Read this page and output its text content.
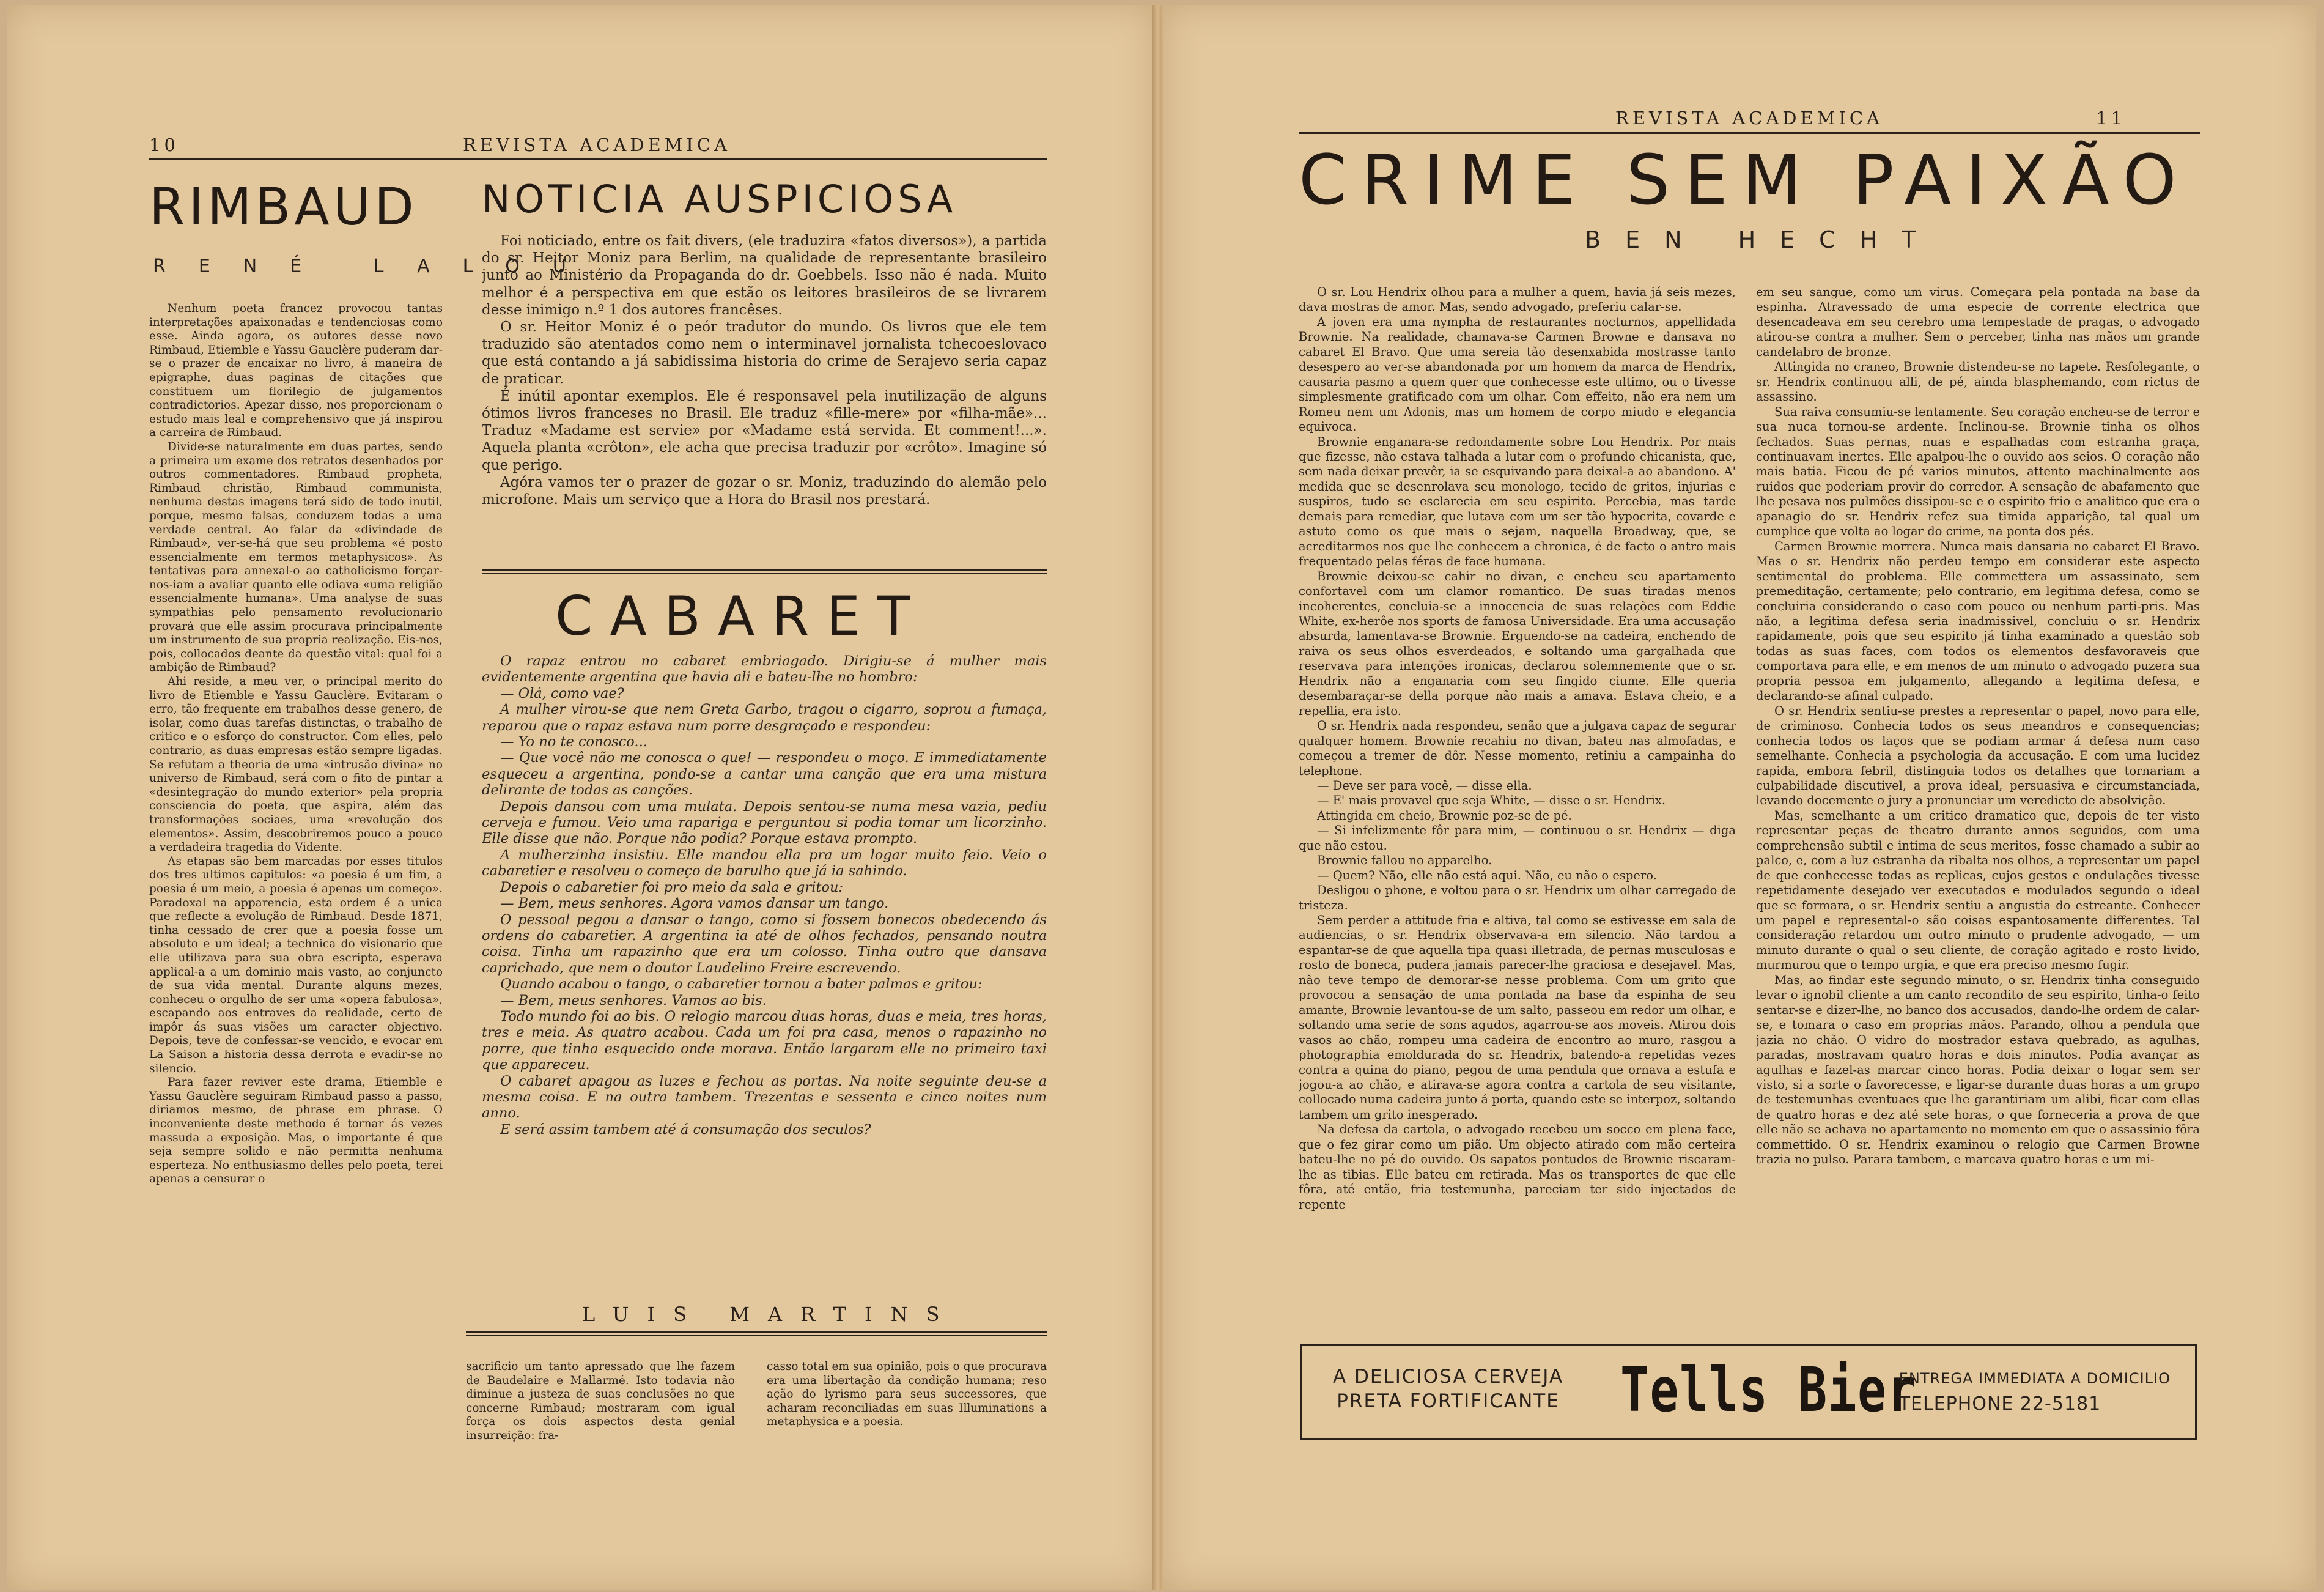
10	REVISTA ACADEMICA
RIMBAUD
RENÉ LALOU

Nenhum poeta francez provocou tantas interpretações apaixonadas e tendenciosas como esse. Ainda agora, os autores desse novo Rimbaud, Etiemble e Yassu Gauclère puderam dar-se o prazer de encaixar no livro, á maneira de epigraphe, duas paginas de citações que constituem um florilegio de julgamentos contradictorios. Apezar disso, nos proporcionam o estudo mais leal e comprehensivo que já inspirou a carreira de Rimbaud.

Divide-se naturalmente em duas partes, sendo a primeira um exame dos retratos desenhados por outros commentadores. Rimbaud propheta, Rimbaud christão, Rimbaud communista, nenhuma destas imagens terá sido de todo inutil, porque, mesmo falsas, conduzem todas a uma verdade central. Ao falar da «divindade de Rimbaud», ver-se-há que seu problema «é posto essencialmente em termos metaphysicos». As tentativas para annexal-o ao catholicismo forçar-nos-iam a avaliar quanto elle odiava «uma religião essencialmente humana». Uma analyse de suas sympathias pelo pensamento revolucionario provará que elle assim procurava principalmente um instrumento de sua propria realização. Eis-nos, pois, collocados deante da questão vital: qual foi a ambição de Rimbaud?

Ahi reside, a meu ver, o principal merito do livro de Etiemble e Yassu Gauclère. Evitaram o erro, tão frequente em trabalhos desse genero, de isolar, como duas tarefas distinctas, o trabalho de critico e o esforço do constructor. Com elles, pelo contrario, as duas empresas estão sempre ligadas. Se refutam a theoria de uma «intrusão divina» no universo de Rimbaud, será com o fito de pintar a «desintegração do mundo exterior» pela propria consciencia do poeta, que aspira, além das transformações sociaes, uma «revolução dos elementos». Assim, descobriremos pouco a pouco a verdadeira tragedia do Vidente.

As etapas são bem marcadas por esses titulos dos tres ultimos capitulos: «a poesia é um fim, a poesia é um meio, a poesia é apenas um começo». Paradoxal na apparencia, esta ordem é a unica que reflecte a evolução de Rimbaud. Desde 1871, tinha cessado de crer que a poesia fosse um absoluto e um ideal; a technica do visionario que elle utilizava para sua obra escripta, esperava applical-a a um dominio mais vasto, ao conjuncto de sua vida mental. Durante alguns mezes, conheceu o orgulho de ser uma «opera fabulosa», escapando aos entraves da realidade, certo de impôr ás suas visões um caracter objectivo. Depois, teve de confessar-se vencido, e evocar em La Saison a historia dessa derrota e evadir-se no silencio.

Para fazer reviver este drama, Etiemble e Yassu Gauclère seguiram Rimbaud passo a passo, diriamos mesmo, de phrase em phrase. O inconveniente deste methodo é tornar ás vezes massuda a exposição. Mas, o importante é que seja sempre solido e não permitta nenhuma esperteza. No enthusiasmo delles pelo poeta, terei apenas a censurar o

NOTICIA AUSPICIOSA

Foi noticiado, entre os fait divers, (ele traduzira «fatos diversos»), a partida do sr. Heitor Moniz para Berlim, na qualidade de representante brasileiro junto ao Ministério da Propaganda do dr. Goebbels. Isso não é nada. Muito melhor é a perspectiva em que estão os leitores brasileiros de se livrarem desse inimigo n.º 1 dos autores francêses.

O sr. Heitor Moniz é o peór tradutor do mundo. Os livros que ele tem traduzido são atentados como nem o interminavel jornalista tchecoeslovaco que está contando a já sabidissima historia do crime de Serajevo seria capaz de praticar.

É inútil apontar exemplos. Ele é responsavel pela inutilização de alguns ótimos livros franceses no Brasil. Ele traduz «fille-mere» por «filha-mãe»... Traduz «Madame est servie» por «Madame está servida. Et comment!...». Aquela planta «crôton», ele acha que precisa traduzir por «crôto». Imagine só que perigo.

Agóra vamos ter o prazer de gozar o sr. Moniz, traduzindo do alemão pelo microfone. Mais um serviço que a Hora do Brasil nos prestará.

CABARET

O rapaz entrou no cabaret embriagado. Dirigiu-se á mulher mais evidentemente argentina que havia ali e bateu-lhe no hombro:

— Olá, como vae?

A mulher virou-se que nem Greta Garbo, tragou o cigarro, soprou a fumaça, reparou que o rapaz estava num porre desgraçado e respondeu:

— Yo no te conosco...

— Que você não me conosca o que! — respondeu o moço. E immediatamente esqueceu a argentina, pondo-se a cantar uma canção que era uma mistura delirante de todas as canções.

Depois dansou com uma mulata. Depois sentou-se numa mesa vazia, pediu cerveja e fumou. Veio uma rapariga e perguntou si podia tomar um licorzinho. Elle disse que não. Porque não podia? Porque estava prompto.

A mulherzinha insistiu. Elle mandou ella pra um logar muito feio. Veio o cabaretier e resolveu o começo de barulho que já ia sahindo.

Depois o cabaretier foi pro meio da sala e gritou:

— Bem, meus senhores. Agora vamos dansar um tango.

O pessoal pegou a dansar o tango, como si fossem bonecos obedecendo ás ordens do cabaretier. A argentina ia até de olhos fechados, pensando noutra coisa. Tinha um rapazinho que era um colosso. Tinha outro que dansava caprichado, que nem o doutor Laudelino Freire escrevendo.

Quando acabou o tango, o cabaretier tornou a bater palmas e gritou:

— Bem, meus senhores. Vamos ao bis.

Todo mundo foi ao bis. O relogio marcou duas horas, duas e meia, tres horas, tres e meia. As quatro acabou. Cada um foi pra casa, menos o rapazinho no porre, que tinha esquecido onde morava. Então largaram elle no primeiro taxi que appareceu.

O cabaret apagou as luzes e fechou as portas. Na noite seguinte deu-se a mesma coisa. E na outra tambem. Trezentas e sessenta e cinco noites num anno.

E será assim tambem até á consumação dos seculos?

LUIS MARTINS

sacrificio um tanto apressado que lhe fazem de Baudelaire e Mallarmé. Isto todavia não diminue a justeza de suas conclusões no que concerne Rimbaud; mostraram com igual força os dois aspectos desta genial insurreição: fra-

casso total em sua opinião, pois o que procurava era uma libertação da condição humana; reso ação do lyrismo para seus successores, que acharam reconciliadas em suas Illuminations a metaphysica e a poesia.

REVISTA ACADEMICA	11
CRIME SEM PAIXÃO
BEN HECHT

O sr. Lou Hendrix olhou para a mulher a quem, havia já seis mezes, dava mostras de amor. Mas, sendo advogado, preferiu calar-se.

A joven era uma nympha de restaurantes nocturnos, appellidada Brownie. Na realidade, chamava-se Carmen Browne e dansava no cabaret El Bravo. Que uma sereia tão desenxabida mostrasse tanto desespero ao ver-se abandonada por um homem da marca de Hendrix, causaria pasmo a quem quer que conhecesse este ultimo, ou o tivesse simplesmente gratificado com um olhar. Com effeito, não era nem um Romeu nem um Adonis, mas um homem de corpo miudo e elegancia equivoca.

Brownie enganara-se redondamente sobre Lou Hendrix. Por mais que fizesse, não estava talhada a lutar com o profundo chicanista, que, sem nada deixar prevêr, ia se esquivando para deixal-a ao abandono. A' medida que se desenrolava seu monologo, tecido de gritos, injurias e suspiros, tudo se esclarecia em seu espirito. Percebia, mas tarde demais para remediar, que lutava com um ser tão hypocrita, covarde e astuto como os que mais o sejam, naquella Broadway, que, se acreditarmos nos que lhe conhecem a chronica, é de facto o antro mais frequentado pelas féras de face humana.

Brownie deixou-se cahir no divan, e encheu seu apartamento confortavel com um clamor romantico. De suas tiradas menos incoherentes, concluia-se a innocencia de suas relações com Eddie White, ex-herôe nos sports de famosa Universidade. Era uma accusação absurda, lamentava-se Brownie. Erguendo-se na cadeira, enchendo de raiva os seus olhos esverdeados, e soltando uma gargalhada que reservava para intenções ironicas, declarou solemnemente que o sr. Hendrix não a enganaria com seu fingido ciume. Elle queria desembaraçar-se della porque não mais a amava. Estava cheio, e a repellia, era isto.

O sr. Hendrix nada respondeu, senão que a julgava capaz de segurar qualquer homem. Brownie recahiu no divan, bateu nas almofadas, e começou a tremer de dôr. Nesse momento, retiniu a campainha do telephone.

— Deve ser para você, — disse ella.

— E' mais provavel que seja White, — disse o sr. Hendrix.

Attingida em cheio, Brownie poz-se de pé.

— Si infelizmente fôr para mim, — continuou o sr. Hendrix — diga que não estou.

Brownie fallou no apparelho.

— Quem? Não, elle não está aqui. Não, eu não o espero.

Desligou o phone, e voltou para o sr. Hendrix um olhar carregado de tristeza.

Sem perder a attitude fria e altiva, tal como se estivesse em sala de audiencias, o sr. Hendrix observava-a em silencio. Não tardou a espantar-se de que aquella tipa quasi illetrada, de pernas musculosas e rosto de boneca, pudera jamais parecer-lhe graciosa e desejavel. Mas, não teve tempo de demorar-se nesse problema. Com um grito que provocou a sensação de uma pontada na base da espinha de seu amante, Brownie levantou-se de um salto, passeou em redor um olhar, e soltando uma serie de sons agudos, agarrou-se aos moveis. Atirou dois vasos ao chão, rompeu uma cadeira de encontro ao muro, rasgou a photographia emoldurada do sr. Hendrix, batendo-a repetidas vezes contra a quina do piano, pegou de uma pendula que ornava a estufa e jogou-a ao chão, e atirava-se agora contra a cartola de seu visitante, collocado numa cadeira junto á porta, quando este se interpoz, soltando tambem um grito inesperado.

Na defesa da cartola, o advogado recebeu um socco em plena face, que o fez girar como um pião. Um objecto atirado com mão certeira bateu-lhe no pé do ouvido. Os sapatos pontudos de Brownie riscaram-lhe as tibias. Elle bateu em retirada. Mas os transportes de que elle fôra, até então, fria testemunha, pareciam ter sido injectados de repente

em seu sangue, como um virus. Começara pela pontada na base da espinha. Atravessado de uma especie de corrente electrica que desencadeava em seu cerebro uma tempestade de pragas, o advogado atirou-se contra a mulher. Sem o perceber, tinha nas mãos um grande candelabro de bronze.

Attingida no craneo, Brownie distendeu-se no tapete. Resfolegante, o sr. Hendrix continuou alli, de pé, ainda blasphemando, com rictus de assassino.

Sua raiva consumiu-se lentamente. Seu coração encheu-se de terror e sua nuca tornou-se ardente. Inclinou-se. Brownie tinha os olhos fechados. Suas pernas, nuas e espalhadas com estranha graça, continuavam inertes. Elle apalpou-lhe o ouvido aos seios. O coração não mais batia. Ficou de pé varios minutos, attento machinalmente aos ruidos que poderiam provir do corredor. A sensação de abafamento que lhe pesava nos pulmões dissipou-se e o espirito frio e analitico que era o apanagio do sr. Hendrix refez sua timida apparição, tal qual um cumplice que volta ao logar do crime, na ponta dos pés.

Carmen Brownie morrera. Nunca mais dansaria no cabaret El Bravo. Mas o sr. Hendrix não perdeu tempo em considerar este aspecto sentimental do problema. Elle commettera um assassinato, sem premeditação, certamente; pelo contrario, em legitima defesa, como se concluiria considerando o caso com pouco ou nenhum parti-pris. Mas não, a legitima defesa seria inadmissivel, concluiu o sr. Hendrix rapidamente, pois que seu espirito já tinha examinado a questão sob todas as suas faces, com todos os elementos desfavoraveis que comportava para elle, e em menos de um minuto o advogado puzera sua propria pessoa em julgamento, allegando a legitima defesa, e declarando-se afinal culpado.

O sr. Hendrix sentiu-se prestes a representar o papel, novo para elle, de criminoso. Conhecia todos os seus meandros e consequencias; conhecia todos os laços que se podiam armar á defesa num caso semelhante. Conhecia a psychologia da accusação. E com uma lucidez rapida, embora febril, distinguia todos os detalhes que tornariam a culpabilidade discutivel, a prova ideal, persuasiva e circumstanciada, levando docemente o jury a pronunciar um veredicto de absolvição.

Mas, semelhante a um critico dramatico que, depois de ter visto representar peças de theatro durante annos seguidos, com uma comprehensão subtil e intima de seus meritos, fosse chamado a subir ao palco, e, com a luz estranha da ribalta nos olhos, a representar um papel de que conhecesse todas as replicas, cujos gestos e ondulações tivesse repetidamente desejado ver executados e modulados segundo o ideal que se formara, o sr. Hendrix sentiu a angustia do estreante. Conhecer um papel e represental-o são coisas espantosamente differentes. Tal consideração retardou um outro minuto o prudente advogado, — um minuto durante o qual o seu cliente, de coração agitado e rosto livido, murmurou que o tempo urgia, e que era preciso mesmo fugir.

Mas, ao findar este segundo minuto, o sr. Hendrix tinha conseguido levar o ignobil cliente a um canto recondito de seu espirito, tinha-o feito sentar-se e dizer-lhe, no banco dos accusados, dando-lhe ordem de calar-se, e tomara o caso em proprias mãos. Parando, olhou a pendula que jazia no chão. O vidro do mostrador estava quebrado, as agulhas, paradas, mostravam quatro horas e dois minutos. Podia avançar as agulhas e fazel-as marcar cinco horas. Podia deixar o logar sem ser visto, si a sorte o favorecesse, e ligar-se durante duas horas a um grupo de testemunhas eventuaes que lhe garantiriam um alibi, ficar com ellas de quatro horas e dez até sete horas, o que forneceria a prova de que elle não se achava no apartamento no momento em que o assassinio fôra commettido. O sr. Hendrix examinou o relogio que Carmen Browne trazia no pulso. Parara tambem, e marcava quatro horas e um mi-

A DELICIOSA CERVEJA
PRETA FORTIFICANTE Tells Bier
ENTREGA IMMEDIATA A DOMICILIO
TELEPHONE 22-5181
